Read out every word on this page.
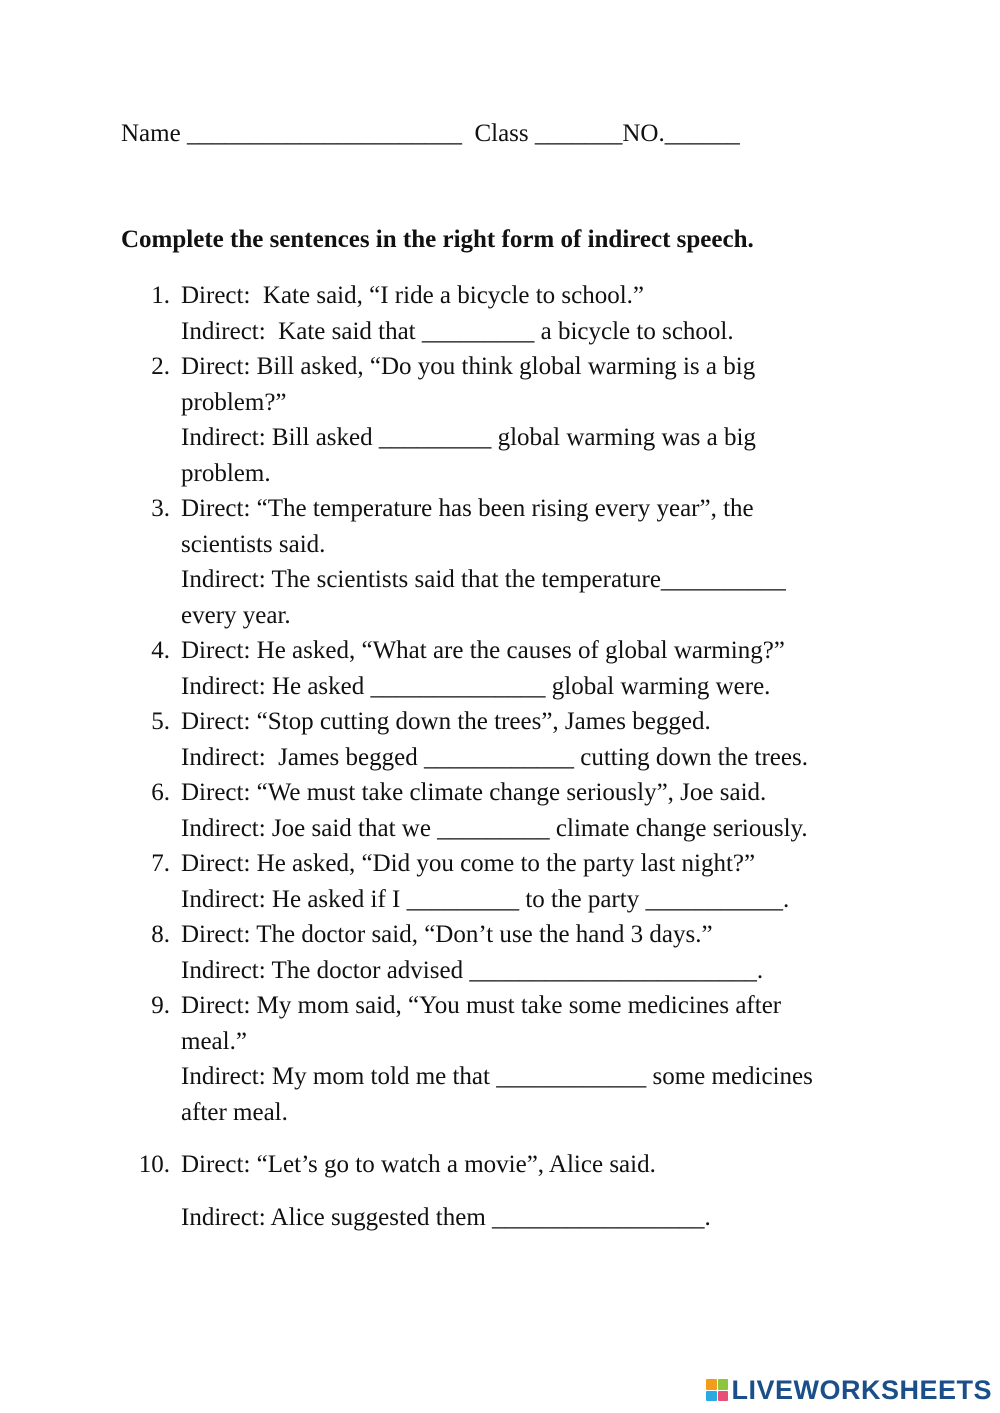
Name ______________________  Class _______NO.______
Complete the sentences in the right form of indirect speech.
1. Direct:  Kate said, “I ride a bicycle to school.”
Indirect:  Kate said that _________ a bicycle to school.
2. Direct: Bill asked, “Do you think global warming is a big
problem?”
Indirect: Bill asked _________ global warming was a big
problem.
3. Direct: “The temperature has been rising every year”, the
scientists said.
Indirect: The scientists said that the temperature__________
every year.
4. Direct: He asked, “What are the causes of global warming?”
Indirect: He asked ______________ global warming were.
5. Direct: “Stop cutting down the trees”, James begged.
Indirect:  James begged ____________ cutting down the trees.
6. Direct: “We must take climate change seriously”, Joe said.
Indirect: Joe said that we _________ climate change seriously.
7. Direct: He asked, “Did you come to the party last night?”
Indirect: He asked if I _________ to the party ___________.
8. Direct: The doctor said, “Don’t use the hand 3 days.”
Indirect: The doctor advised _______________________.
9. Direct: My mom said, “You must take some medicines after
meal.”
Indirect: My mom told me that ____________ some medicines
after meal.
10. Direct: “Let’s go to watch a movie”, Alice said.
Indirect: Alice suggested them _________________.
LIVEWORKSHEETS
